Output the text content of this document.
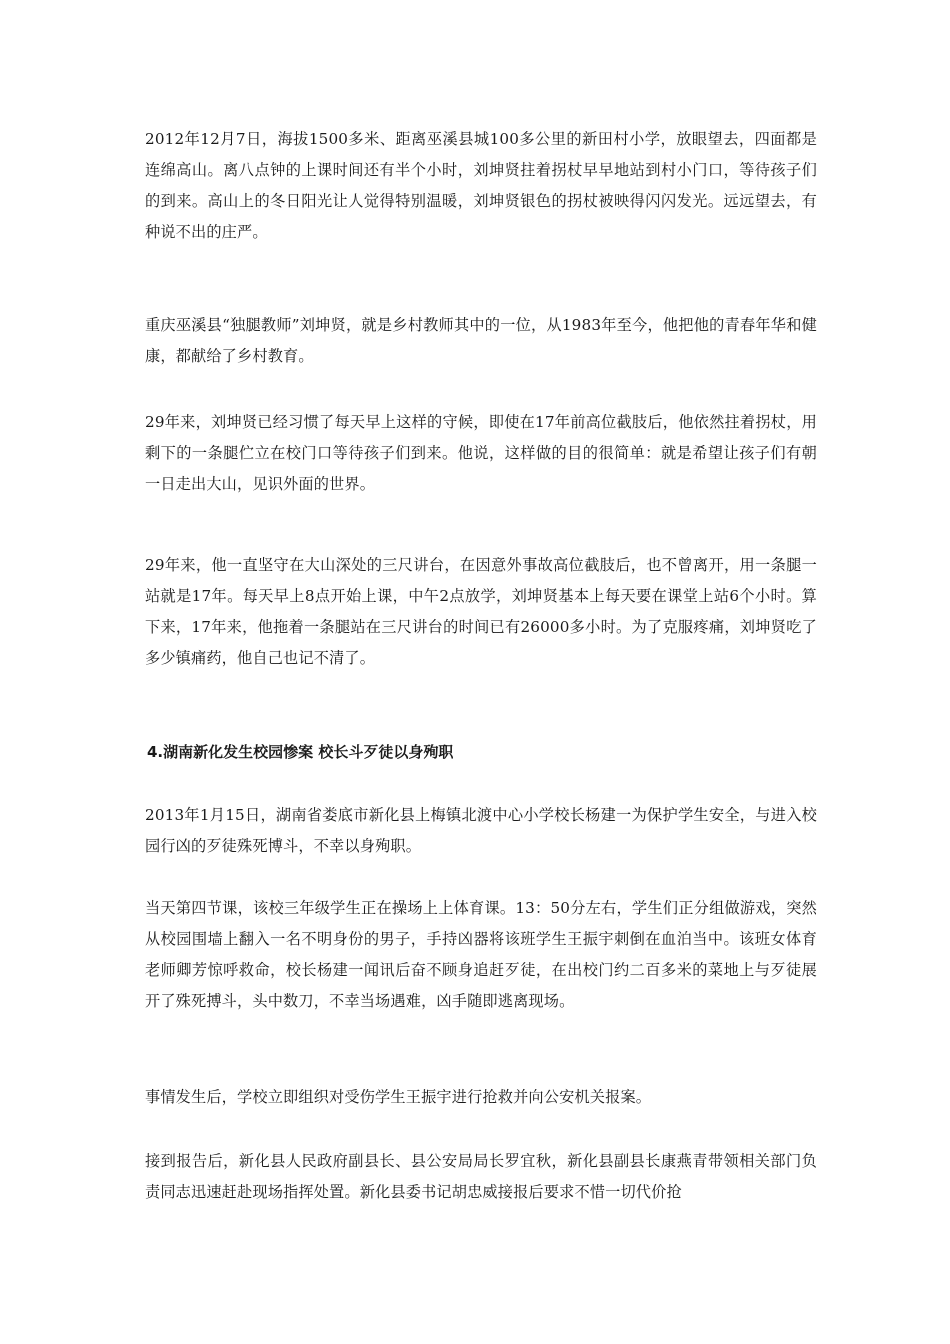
2012年12月7日，海拔1500多米、距离巫溪县城100多公里的新田村小学，放眼望去，四面都是连绵高山。离八点钟的上课时间还有半个小时，刘坤贤拄着拐杖早早地站到村小门口，等待孩子们的到来。高山上的冬日阳光让人觉得特别温暖，刘坤贤银色的拐杖被映得闪闪发光。远远望去，有种说不出的庄严。

重庆巫溪县“独腿教师”刘坤贤，就是乡村教师其中的一位，从1983年至今，他把他的青春年华和健康，都献给了乡村教育。

29年来，刘坤贤已经习惯了每天早上这样的守候，即使在17年前高位截肢后，他依然拄着拐杖，用剩下的一条腿伫立在校门口等待孩子们到来。他说，这样做的目的很简单：就是希望让孩子们有朝一日走出大山，见识外面的世界。

29年来，他一直坚守在大山深处的三尺讲台，在因意外事故高位截肢后，也不曾离开，用一条腿一站就是17年。每天早上8点开始上课，中午2点放学，刘坤贤基本上每天要在课堂上站6个小时。算下来，17年来，他拖着一条腿站在三尺讲台的时间已有26000多小时。为了克服疼痛，刘坤贤吃了多少镇痛药，他自己也记不清了。

4.湖南新化发生校园惨案 校长斗歹徒以身殉职

2013年1月15日，湖南省娄底市新化县上梅镇北渡中心小学校长杨建一为保护学生安全，与进入校园行凶的歹徒殊死博斗，不幸以身殉职。

当天第四节课，该校三年级学生正在操场上上体育课。13：50分左右，学生们正分组做游戏，突然从校园围墙上翻入一名不明身份的男子，手持凶器将该班学生王振宇刺倒在血泊当中。该班女体育老师卿芳惊呼救命，校长杨建一闻讯后奋不顾身追赶歹徒，在出校门约二百多米的菜地上与歹徒展开了殊死搏斗，头中数刀，不幸当场遇难，凶手随即逃离现场。

事情发生后，学校立即组织对受伤学生王振宇进行抢救并向公安机关报案。

接到报告后，新化县人民政府副县长、县公安局局长罗宜秋，新化县副县长康燕青带领相关部门负责同志迅速赶赴现场指挥处置。新化县委书记胡忠威接报后要求不惜一切代价抢
